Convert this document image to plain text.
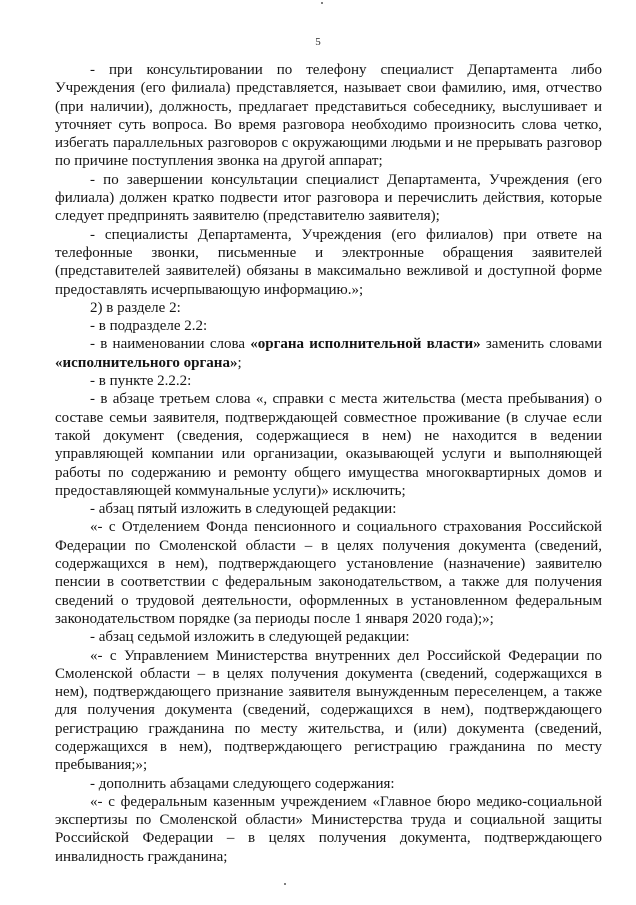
5

- при консультировании по телефону специалист Департамента либо Учреждения (его филиала) представляется, называет свои фамилию, имя, отчество (при наличии), должность, предлагает представиться собеседнику, выслушивает и уточняет суть вопроса. Во время разговора необходимо произносить слова четко, избегать параллельных разговоров с окружающими людьми и не прерывать разговор по причине поступления звонка на другой аппарат;

- по завершении консультации специалист Департамента, Учреждения (его филиала) должен кратко подвести итог разговора и перечислить действия, которые следует предпринять заявителю (представителю заявителя);

- специалисты Департамента, Учреждения (его филиалов) при ответе на телефонные звонки, письменные и электронные обращения заявителей (представителей заявителей) обязаны в максимально вежливой и доступной форме предоставлять исчерпывающую информацию.»;

2) в разделе 2:

- в подразделе 2.2:

- в наименовании слова «органа исполнительной власти» заменить словами «исполнительного органа»;

- в пункте 2.2.2:

- в абзаце третьем слова «, справки с места жительства (места пребывания) о составе семьи заявителя, подтверждающей совместное проживание (в случае если такой документ (сведения, содержащиеся в нем) не находится в ведении управляющей компании или организации, оказывающей услуги и выполняющей работы по содержанию и ремонту общего имущества многоквартирных домов и предоставляющей коммунальные услуги)» исключить;

- абзац пятый изложить в следующей редакции:

«- с Отделением Фонда пенсионного и социального страхования Российской Федерации по Смоленской области – в целях получения документа (сведений, содержащихся в нем), подтверждающего установление (назначение) заявителю пенсии в соответствии с федеральным законодательством, а также для получения сведений о трудовой деятельности, оформленных в установленном федеральным законодательством порядке (за периоды после 1 января 2020 года);»;

- абзац седьмой изложить в следующей редакции:

«- с Управлением Министерства внутренних дел Российской Федерации по Смоленской области – в целях получения документа (сведений, содержащихся в нем), подтверждающего признание заявителя вынужденным переселенцем, а также для получения документа (сведений, содержащихся в нем), подтверждающего регистрацию гражданина по месту жительства, и (или) документа (сведений, содержащихся в нем), подтверждающего регистрацию гражданина по месту пребывания;»;

- дополнить абзацами следующего содержания:

«- с федеральным казенным учреждением «Главное бюро медико-социальной экспертизы по Смоленской области» Министерства труда и социальной защиты Российской Федерации – в целях получения документа, подтверждающего инвалидность гражданина;
